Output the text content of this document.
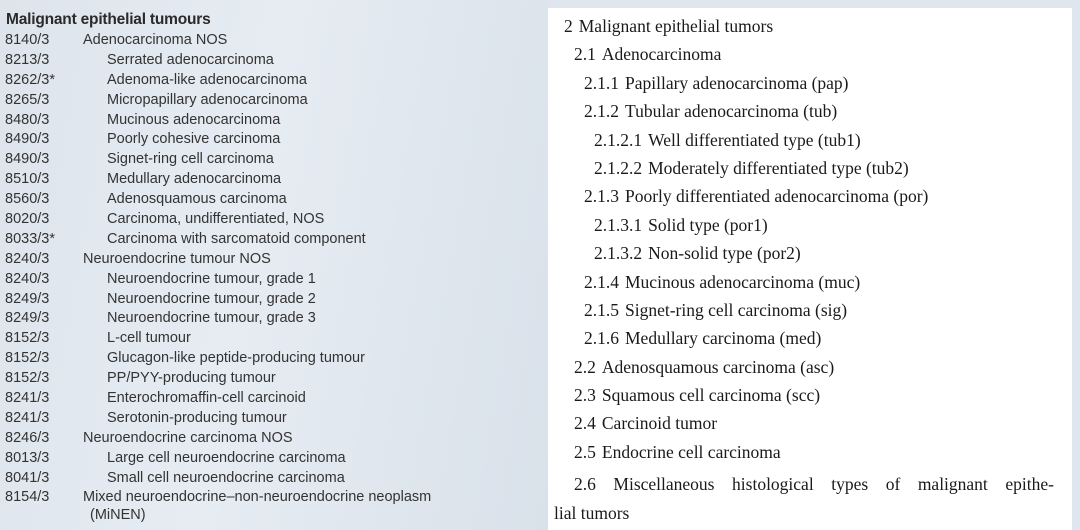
Malignant epithelial tumours
8140/3 Adenocarcinoma NOS
8213/3	Serrated adenocarcinoma
8262/3*	Adenoma-like adenocarcinoma
8265/3	Micropapillary adenocarcinoma
8480/3	Mucinous adenocarcinoma
8490/3	Poorly cohesive carcinoma
8490/3	Signet-ring cell carcinoma
8510/3	Medullary adenocarcinoma
8560/3	Adenosquamous carcinoma
8020/3	Carcinoma, undifferentiated, NOS
8033/3*	Carcinoma with sarcomatoid component
8240/3 Neuroendocrine tumour NOS
8240/3	Neuroendocrine tumour, grade 1
8249/3	Neuroendocrine tumour, grade 2
8249/3	Neuroendocrine tumour, grade 3
8152/3	L-cell tumour
8152/3	Glucagon-like peptide-producing tumour
8152/3	PP/PYY-producing tumour
8241/3	Enterochromaffin-cell carcinoid
8241/3	Serotonin-producing tumour
8246/3 Neuroendocrine carcinoma NOS
8013/3	Large cell neuroendocrine carcinoma
8041/3	Small cell neuroendocrine carcinoma
8154/3 Mixed neuroendocrine–non-neuroendocrine neoplasm
(MiNEN)
2 Malignant epithelial tumors
2.1 Adenocarcinoma
2.1.1 Papillary adenocarcinoma (pap)
2.1.2 Tubular adenocarcinoma (tub)
2.1.2.1 Well differentiated type (tub1)
2.1.2.2 Moderately differentiated type (tub2)
2.1.3 Poorly differentiated adenocarcinoma (por)
2.1.3.1 Solid type (por1)
2.1.3.2 Non-solid type (por2)
2.1.4 Mucinous adenocarcinoma (muc)
2.1.5 Signet-ring cell carcinoma (sig)
2.1.6 Medullary carcinoma (med)
2.2 Adenosquamous carcinoma (asc)
2.3 Squamous cell carcinoma (scc)
2.4 Carcinoid tumor
2.5 Endocrine cell carcinoma
2.6 Miscellaneous histological types of malignant epithe-
lial tumors
